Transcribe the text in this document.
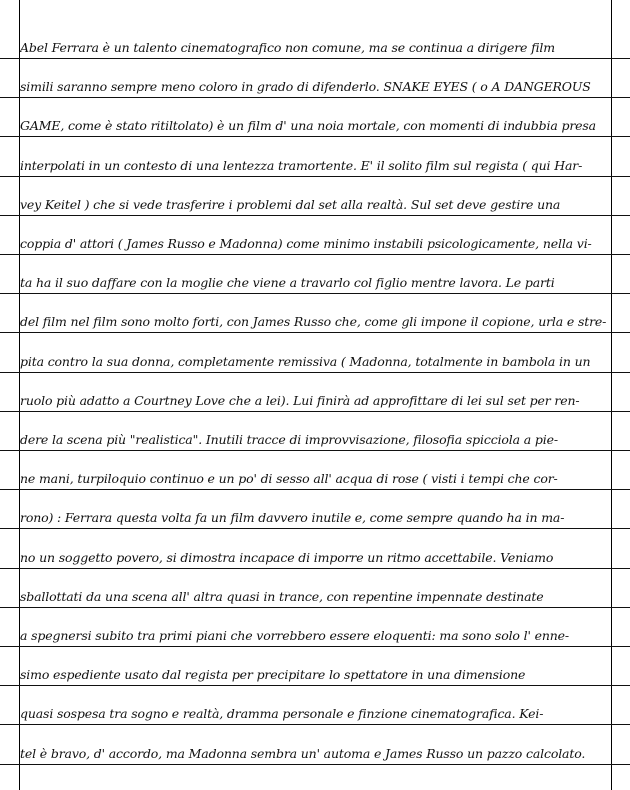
Abel Ferrara è un talento cinematografico non comune, ma se continua a dirigere film
simili saranno sempre meno coloro in grado di difenderlo. SNAKE EYES ( o A DANGEROUS
GAME, come è stato ritiltolato) è un film d' una noia mortale, con momenti di indubbia presa
interpolati in un contesto di una lentezza tramortente. E' il solito film sul regista ( qui Har-
vey Keitel ) che si vede trasferire i problemi dal set alla realtà. Sul set deve gestire una
coppia d' attori ( James Russo e Madonna) come minimo instabili psicologicamente, nella vi-
ta ha il suo daffare con la moglie che viene a travarlo col figlio mentre lavora. Le parti
del film nel film sono molto forti, con James Russo che, come gli impone il copione, urla e stre-
pita contro la sua donna, completamente remissiva ( Madonna, totalmente in bambola in un
ruolo più adatto a Courtney Love che a lei). Lui finirà ad approfittare di lei sul set per ren-
dere la scena più "realistica". Inutili tracce di improvvisazione, filosofia spicciola a pie-
ne mani, turpiloquio continuo e un po' di sesso all' acqua di rose ( visti i tempi che cor-
rono) : Ferrara questa volta fa un film davvero inutile e, come sempre quando ha in ma-
no un soggetto povero, si dimostra incapace di imporre un ritmo accettabile. Veniamo
sballottati da una scena all' altra quasi in trance, con repentine impennate destinate
a spegnersi subito tra primi piani che vorrebbero essere eloquenti: ma sono solo l' enne-
simo espediente usato dal regista per precipitare lo spettatore in una dimensione
quasi sospesa tra sogno e realtà, dramma personale e finzione cinematografica. Kei-
tel è bravo, d' accordo, ma Madonna sembra un' automa e James Russo un pazzo calcolato.
